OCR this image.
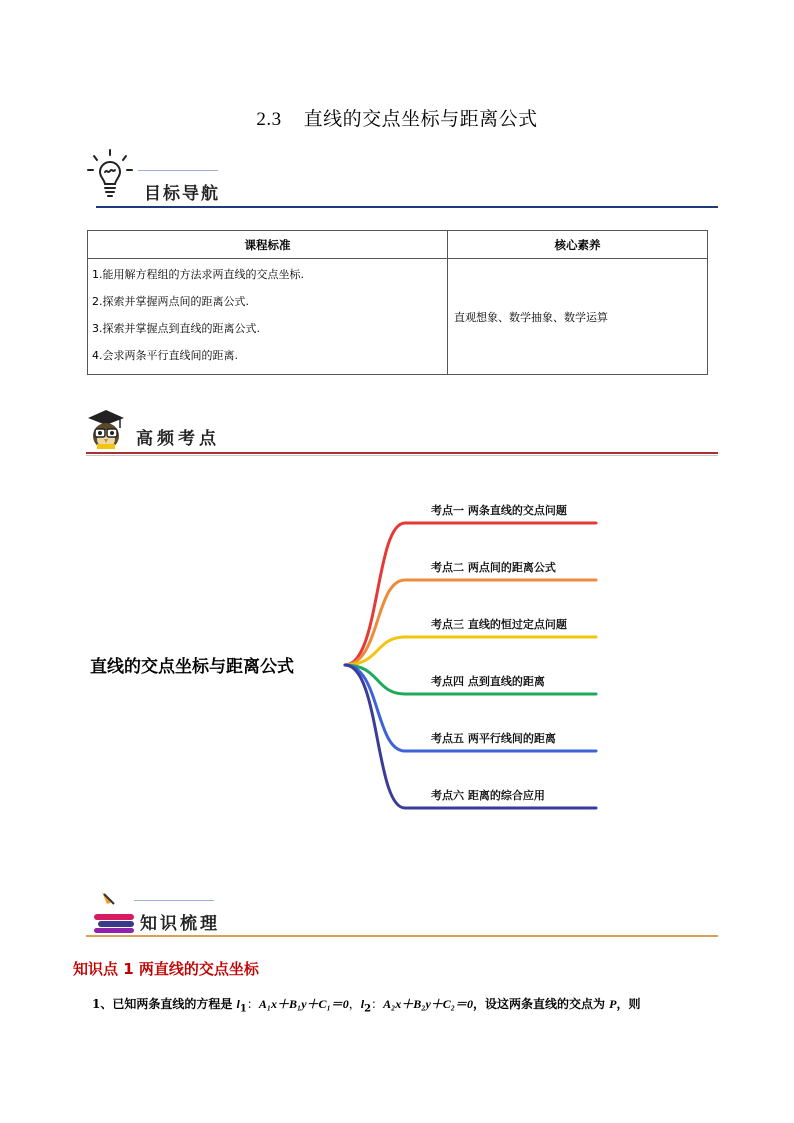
2.3 直线的交点坐标与距离公式
目标导航
课程标准	核心素养

1.能用解方程组的方法求两直线的交点坐标.
2.探索并掌握两点间的距离公式.
3.探索并掌握点到直线的距离公式.
4.会求两条平行直线间的距离.	直观想象、数学抽象、数学运算
高频考点
考点一 两条直线的交点问题
考点二 两点间的距离公式
考点三 直线的恒过定点问题
考点四 点到直线的距离
考点五 两平行线间的距离
考点六 距离的综合应用
直线的交点坐标与距离公式
知识梳理
知识点 1 两直线的交点坐标
1、已知两条直线的方程是 $l_1$：A₁x＋B₁y＋C₁＝0，$l_2$：A₂x＋B₂y＋C₂＝0，设这两条直线的交点为 P，则
